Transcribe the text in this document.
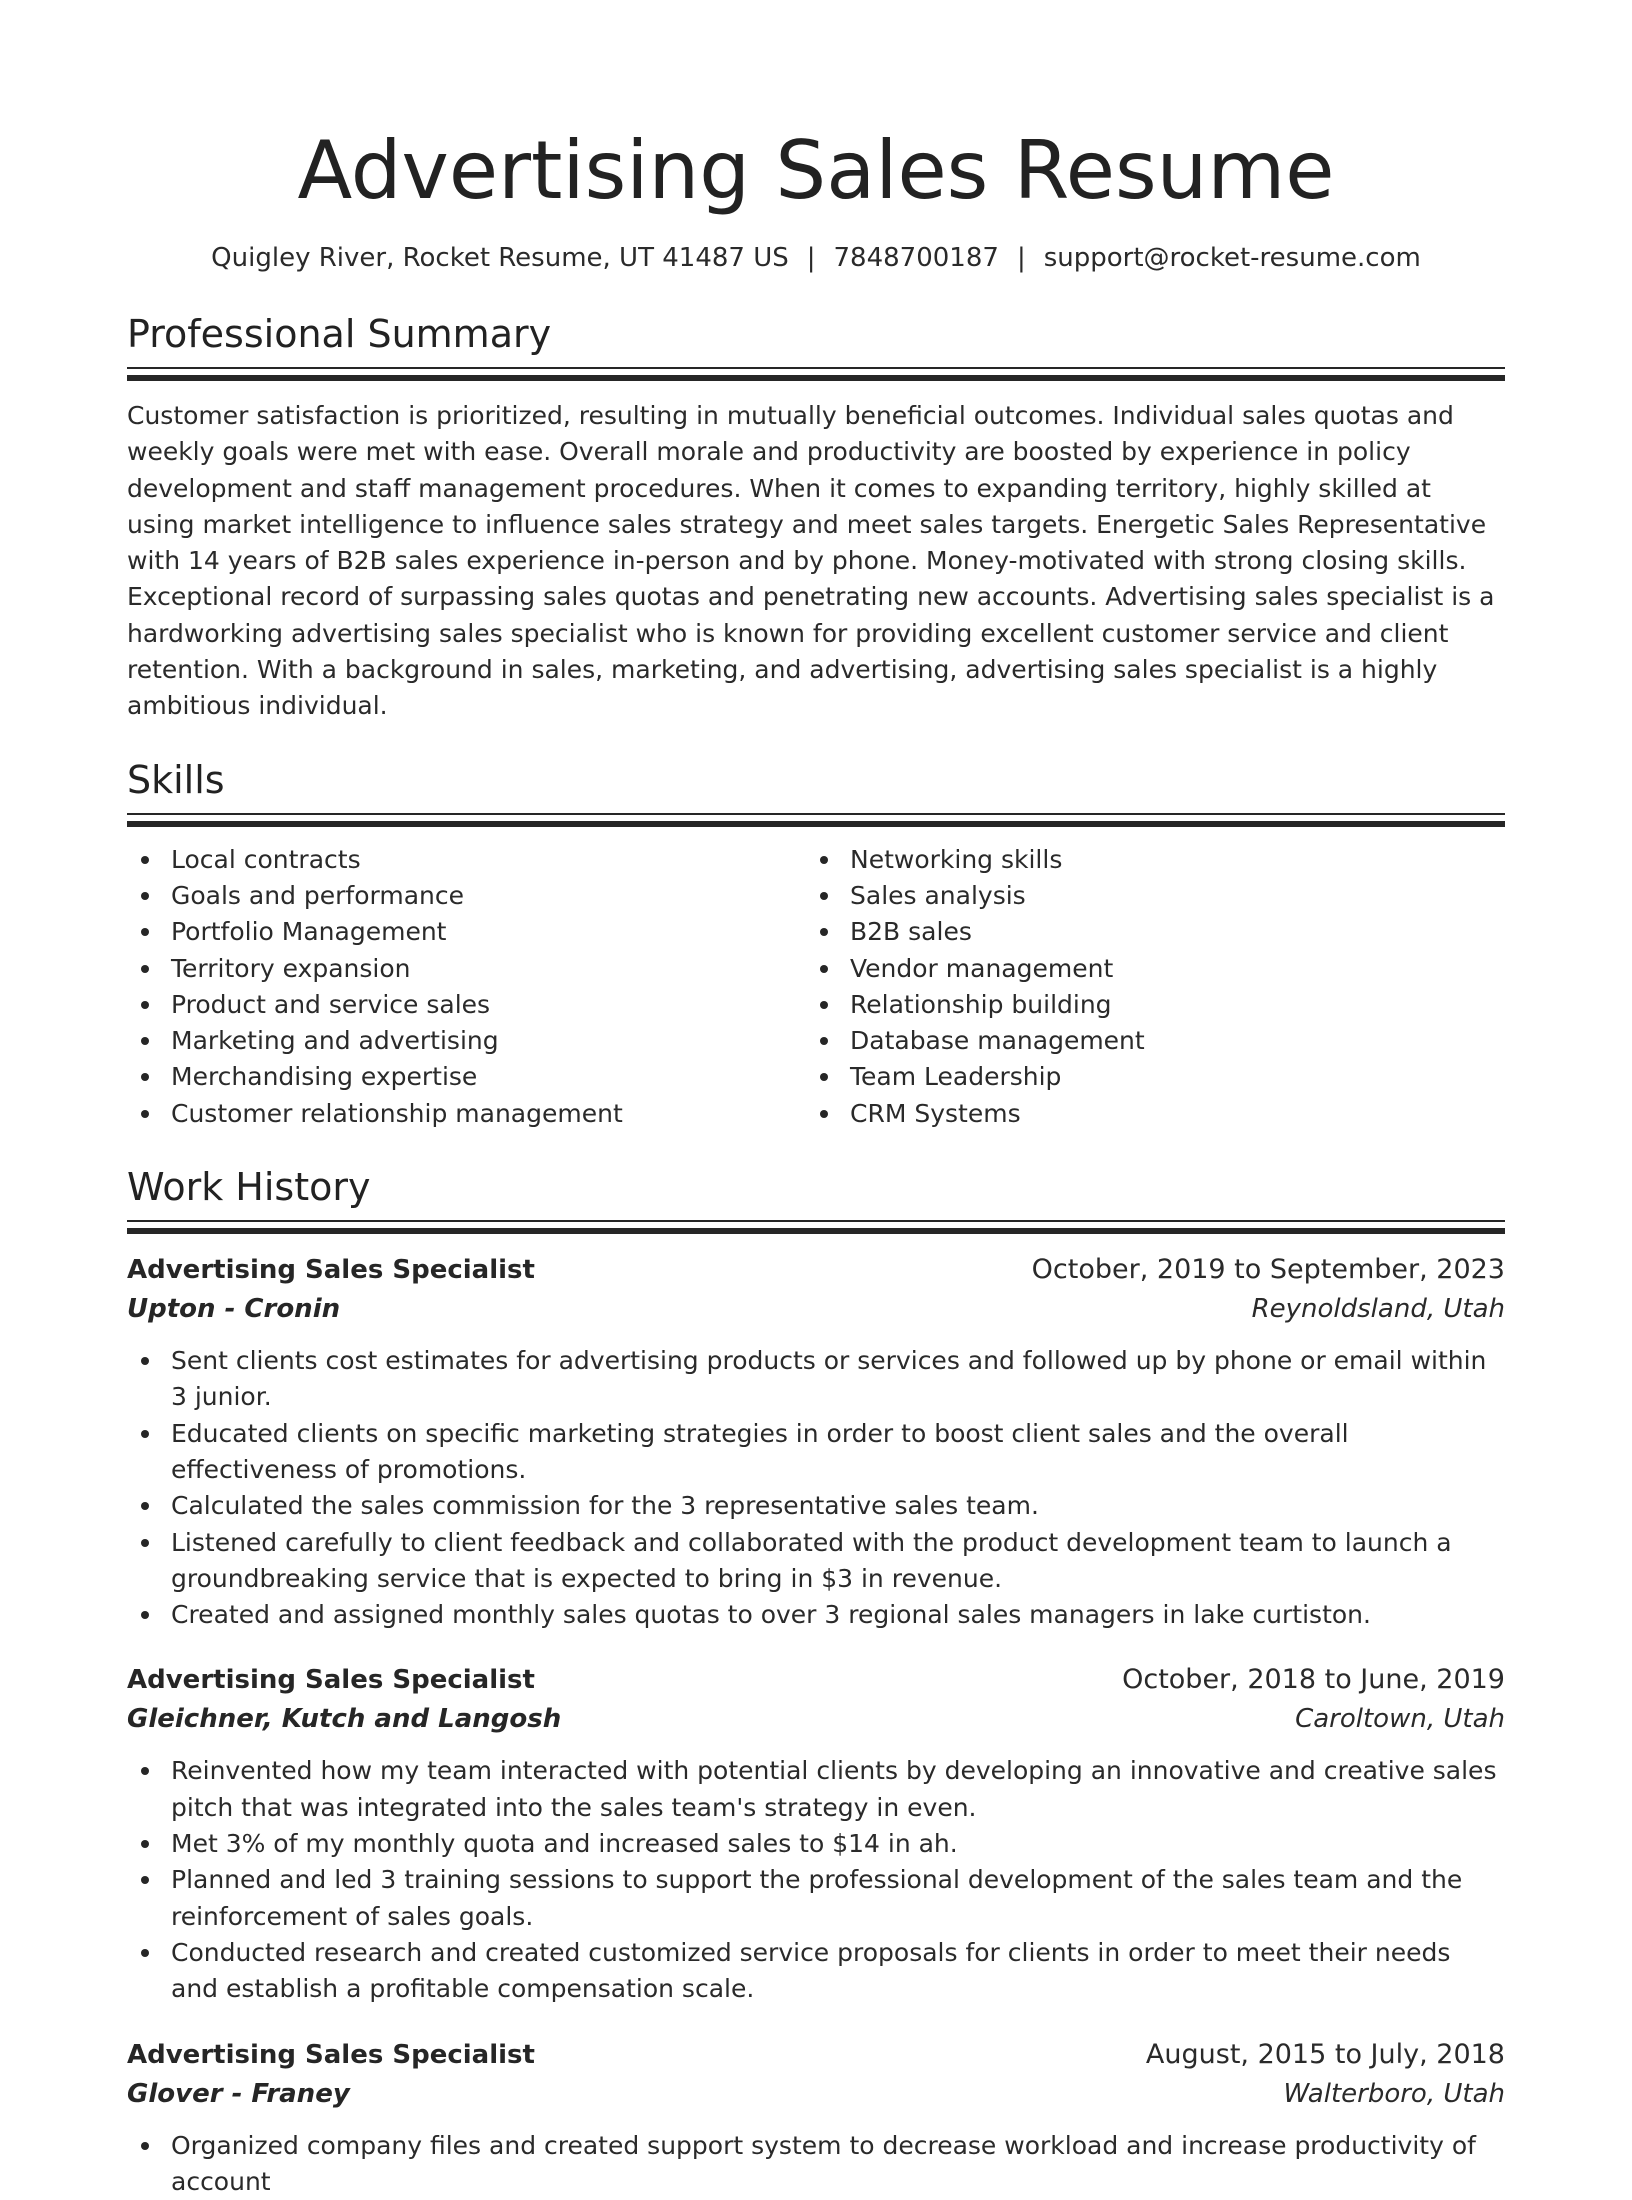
Advertising Sales Resume
Quigley River, Rocket Resume, UT 41487 US | 7848700187 | support@rocket-resume.com
Professional Summary

Customer satisfaction is prioritized, resulting in mutually beneficial outcomes. Individual sales quotas and weekly goals were met with ease. Overall morale and productivity are boosted by experience in policy development and staff management procedures. When it comes to expanding territory, highly skilled at using market intelligence to influence sales strategy and meet sales targets. Energetic Sales Representative with 14 years of B2B sales experience in-person and by phone. Money-motivated with strong closing skills. Exceptional record of surpassing sales quotas and penetrating new accounts. Advertising sales specialist is a hardworking advertising sales specialist who is known for providing excellent customer service and client retention. With a background in sales, marketing, and advertising, advertising sales specialist is a highly ambitious individual.

Skills
Local contracts
Goals and performance
Portfolio Management
Territory expansion
Product and service sales
Marketing and advertising
Merchandising expertise
Customer relationship management
Networking skills
Sales analysis
B2B sales
Vendor management
Relationship building
Database management
Team Leadership
CRM Systems
Work History
Advertising Sales Specialist	October, 2019 to September, 2023
Upton - Cronin	Reynoldsland, Utah
Sent clients cost estimates for advertising products or services and followed up by phone or email within 3 junior.
Educated clients on specific marketing strategies in order to boost client sales and the overall effectiveness of promotions.
Calculated the sales commission for the 3 representative sales team.
Listened carefully to client feedback and collaborated with the product development team to launch a groundbreaking service that is expected to bring in $3 in revenue.
Created and assigned monthly sales quotas to over 3 regional sales managers in lake curtiston.
Advertising Sales Specialist	October, 2018 to June, 2019
Gleichner, Kutch and Langosh	Caroltown, Utah
Reinvented how my team interacted with potential clients by developing an innovative and creative sales pitch that was integrated into the sales team's strategy in even.
Met 3% of my monthly quota and increased sales to $14 in ah.
Planned and led 3 training sessions to support the professional development of the sales team and the reinforcement of sales goals.
Conducted research and created customized service proposals for clients in order to meet their needs and establish a profitable compensation scale.
Advertising Sales Specialist	August, 2015 to July, 2018
Glover - Franey	Walterboro, Utah
Organized company files and created support system to decrease workload and increase productivity of account
